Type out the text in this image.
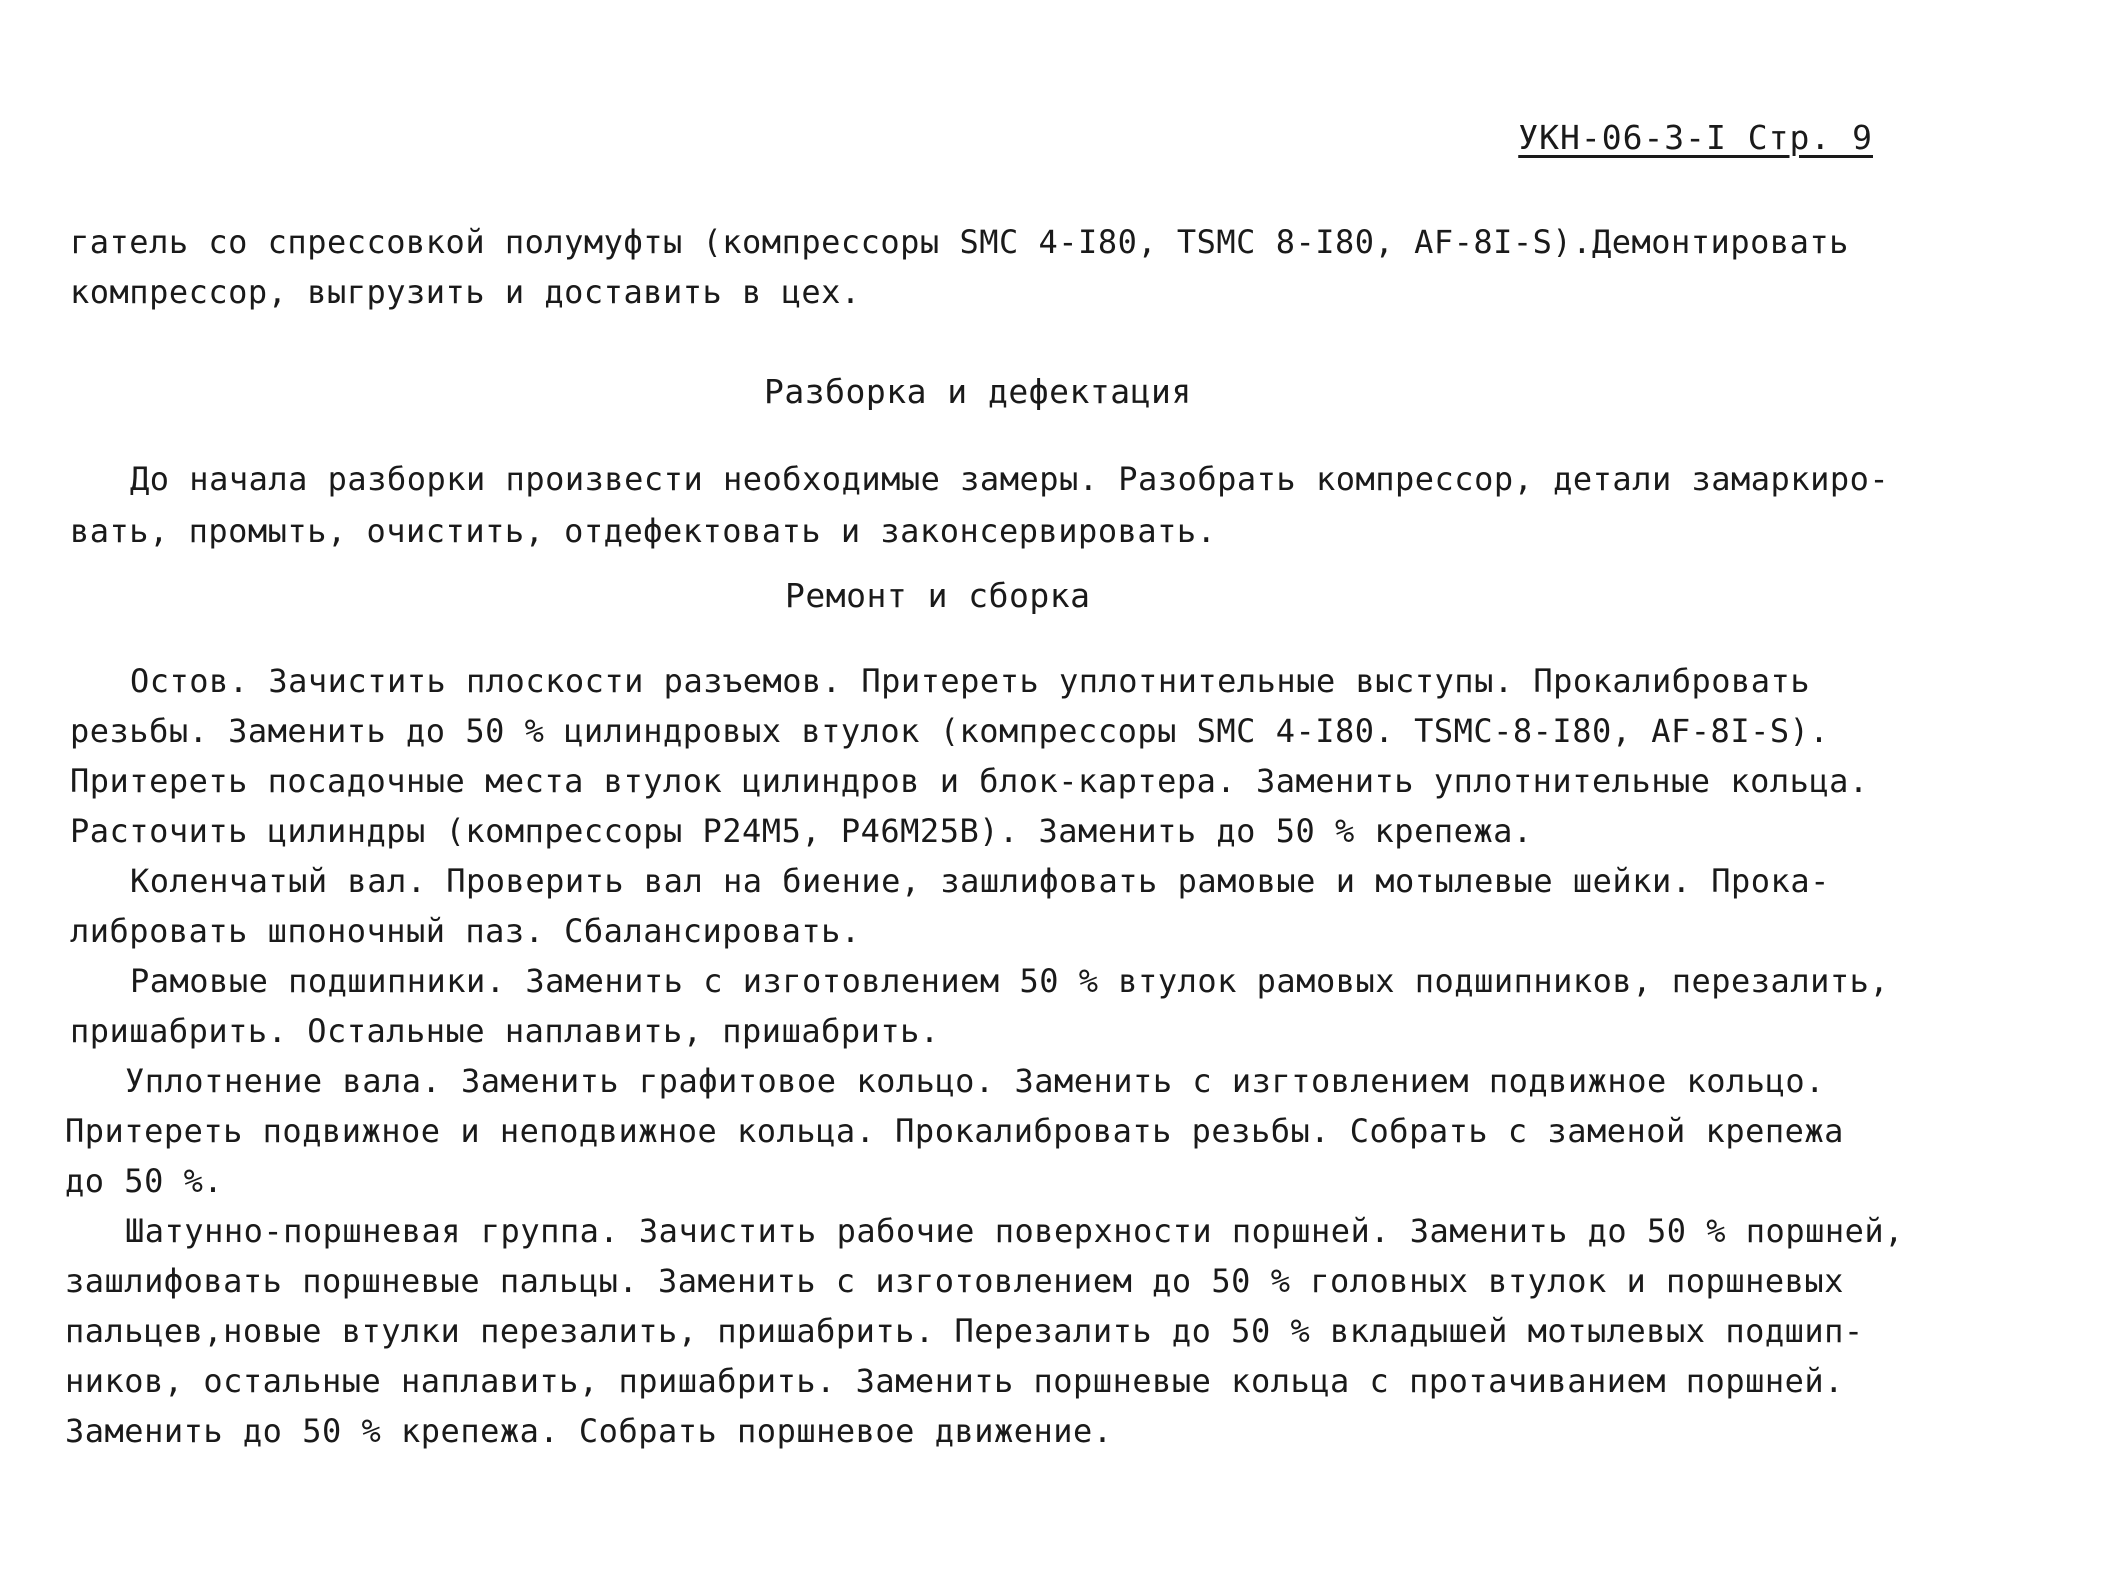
УКН-06-3-I Стр. 9
гатель со спрессовкой полумуфты (компрессоры SMC 4-I80, TSMC 8-I80, AF-8I-S).Демонтировать
компрессор, выгрузить и доставить в цех.
Разборка и дефектация
До начала разборки произвести необходимые замеры. Разобрать компрессор, детали замаркиро-
вать, промыть, очистить, отдефектовать и законсервировать.
Ремонт и сборка
Остов. Зачистить плоскости разъемов. Притереть уплотнительные выступы. Прокалибровать
резьбы. Заменить до 50 % цилиндровых втулок (компрессоры SMC 4-I80. TSMC-8-I80, AF-8I-S).
Притереть посадочные места втулок цилиндров и блок-картера. Заменить уплотнительные кольца.
Расточить цилиндры (компрессоры P24M5, P46M25B). Заменить до 50 % крепежа.
Коленчатый вал. Проверить вал на биение, зашлифовать рамовые и мотылевые шейки. Прока-
либровать шпоночный паз. Сбалансировать.
Рамовые подшипники. Заменить с изготовлением 50 % втулок рамовых подшипников, перезалить,
пришабрить. Остальные наплавить, пришабрить.
Уплотнение вала. Заменить графитовое кольцо. Заменить с изгтовлением подвижное кольцо.
Притереть подвижное и неподвижное кольца. Прокалибровать резьбы. Собрать с заменой крепежа
до 50 %.
Шатунно-поршневая группа. Зачистить рабочие поверхности поршней. Заменить до 50 % поршней,
зашлифовать поршневые пальцы. Заменить с изготовлением до 50 % головных втулок и поршневых
пальцев,новые втулки перезалить, пришабрить. Перезалить до 50 % вкладышей мотылевых подшип-
ников, остальные наплавить, пришабрить. Заменить поршневые кольца с протачиванием поршней.
Заменить до 50 % крепежа. Собрать поршневое движение.
